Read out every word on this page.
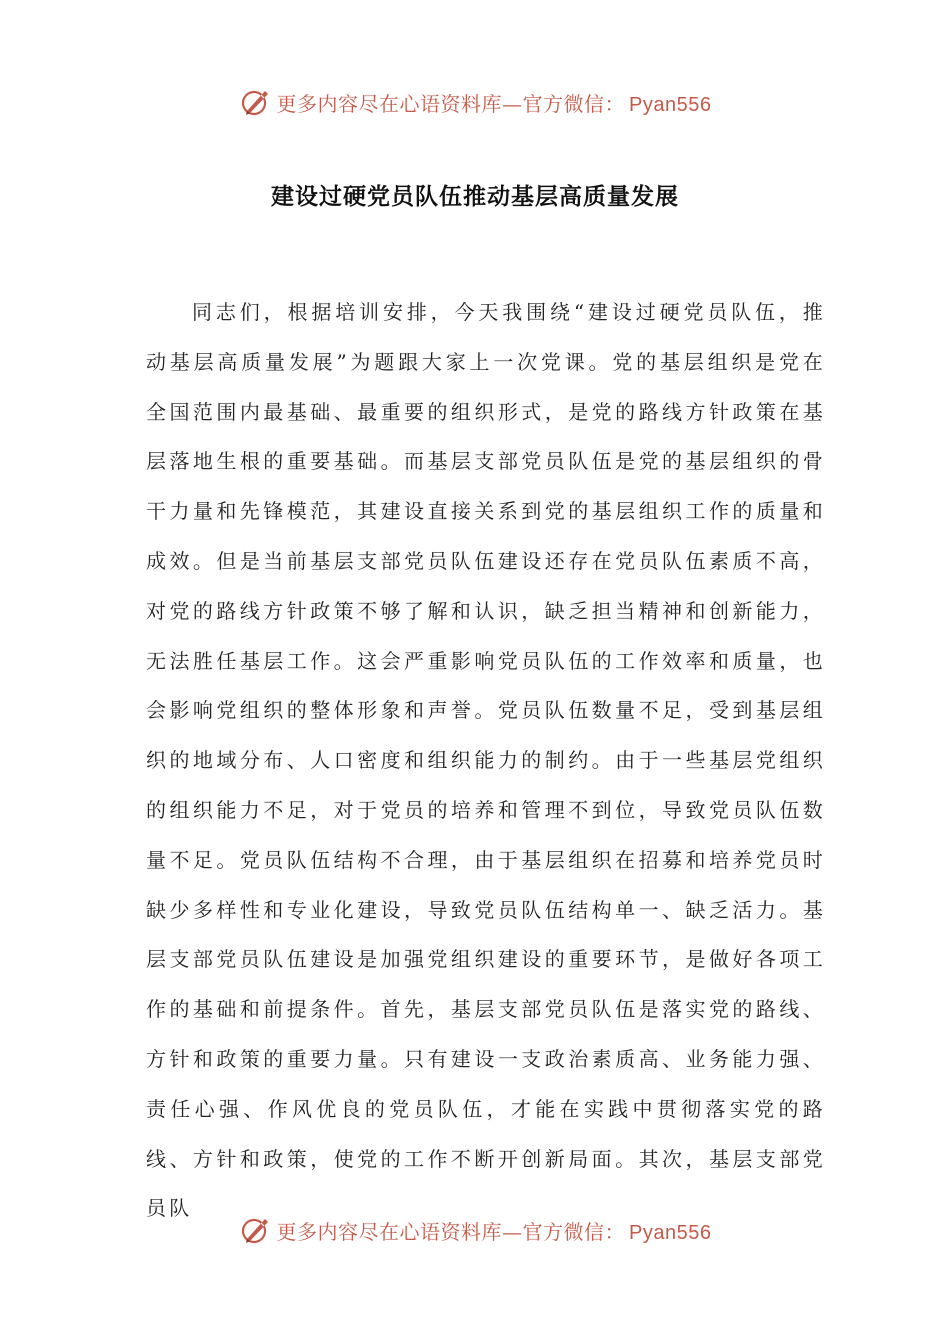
更多内容尽在心语资料库—官方微信： Pyan556
建设过硬党员队伍推动基层高质量发展

同志们，根据培训安排，今天我围绕“建设过硬党员队伍，推动基层高质量发展”为题跟大家上一次党课。党的基层组织是党在全国范围内最基础、最重要的组织形式，是党的路线方针政策在基层落地生根的重要基础。而基层支部党员队伍是党的基层组织的骨干力量和先锋模范，其建设直接关系到党的基层组织工作的质量和成效。但是当前基层支部党员队伍建设还存在党员队伍素质不高，对党的路线方针政策不够了解和认识，缺乏担当精神和创新能力，无法胜任基层工作。这会严重影响党员队伍的工作效率和质量，也会影响党组织的整体形象和声誉。党员队伍数量不足，受到基层组织的地域分布、人口密度和组织能力的制约。由于一些基层党组织的组织能力不足，对于党员的培养和管理不到位，导致党员队伍数量不足。党员队伍结构不合理，由于基层组织在招募和培养党员时缺少多样性和专业化建设，导致党员队伍结构单一、缺乏活力。基层支部党员队伍建设是加强党组织建设的重要环节，是做好各项工作的基础和前提条件。首先，基层支部党员队伍是落实党的路线、方针和政策的重要力量。只有建设一支政治素质高、业务能力强、责任心强、作风优良的党员队伍，才能在实践中贯彻落实党的路线、方针和政策，使党的工作不断开创新局面。其次，基层支部党员队

更多内容尽在心语资料库—官方微信： Pyan556
